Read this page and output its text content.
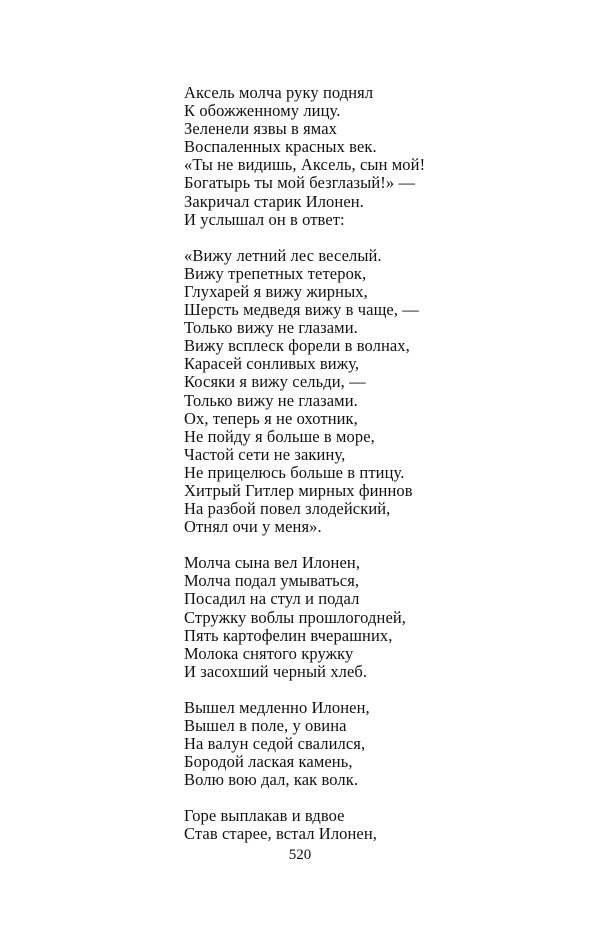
Аксель молча руку поднял
К обожженному лицу.
Зеленели язвы в ямах
Воспаленных красных век.
«Ты не видишь, Аксель, сын мой!
Богатырь ты мой безглазый!» —
Закричал старик Илонен.
И услышал он в ответ:
«Вижу летний лес веселый.
Вижу трепетных тетерок,
Глухарей я вижу жирных,
Шерсть медведя вижу в чаще, —
Только вижу не глазами.
Вижу всплеск форели в волнах,
Карасей сонливых вижу,
Косяки я вижу сельди, —
Только вижу не глазами.
Ох, теперь я не охотник,
Не пойду я больше в море,
Частой сети не закину,
Не прицелюсь больше в птицу.
Хитрый Гитлер мирных финнов
На разбой повел злодейский,
Отнял очи у меня».
Молча сына вел Илонен,
Молча подал умываться,
Посадил на стул и подал
Стружку воблы прошлогодней,
Пять картофелин вчерашних,
Молока снятого кружку
И засохший черный хлеб.
Вышел медленно Илонен,
Вышел в поле, у овина
На валун седой свалился,
Бородой лаская камень,
Волю вою дал, как волк.
Горе выплакав и вдвое
Став старее, встал Илонен,
520
